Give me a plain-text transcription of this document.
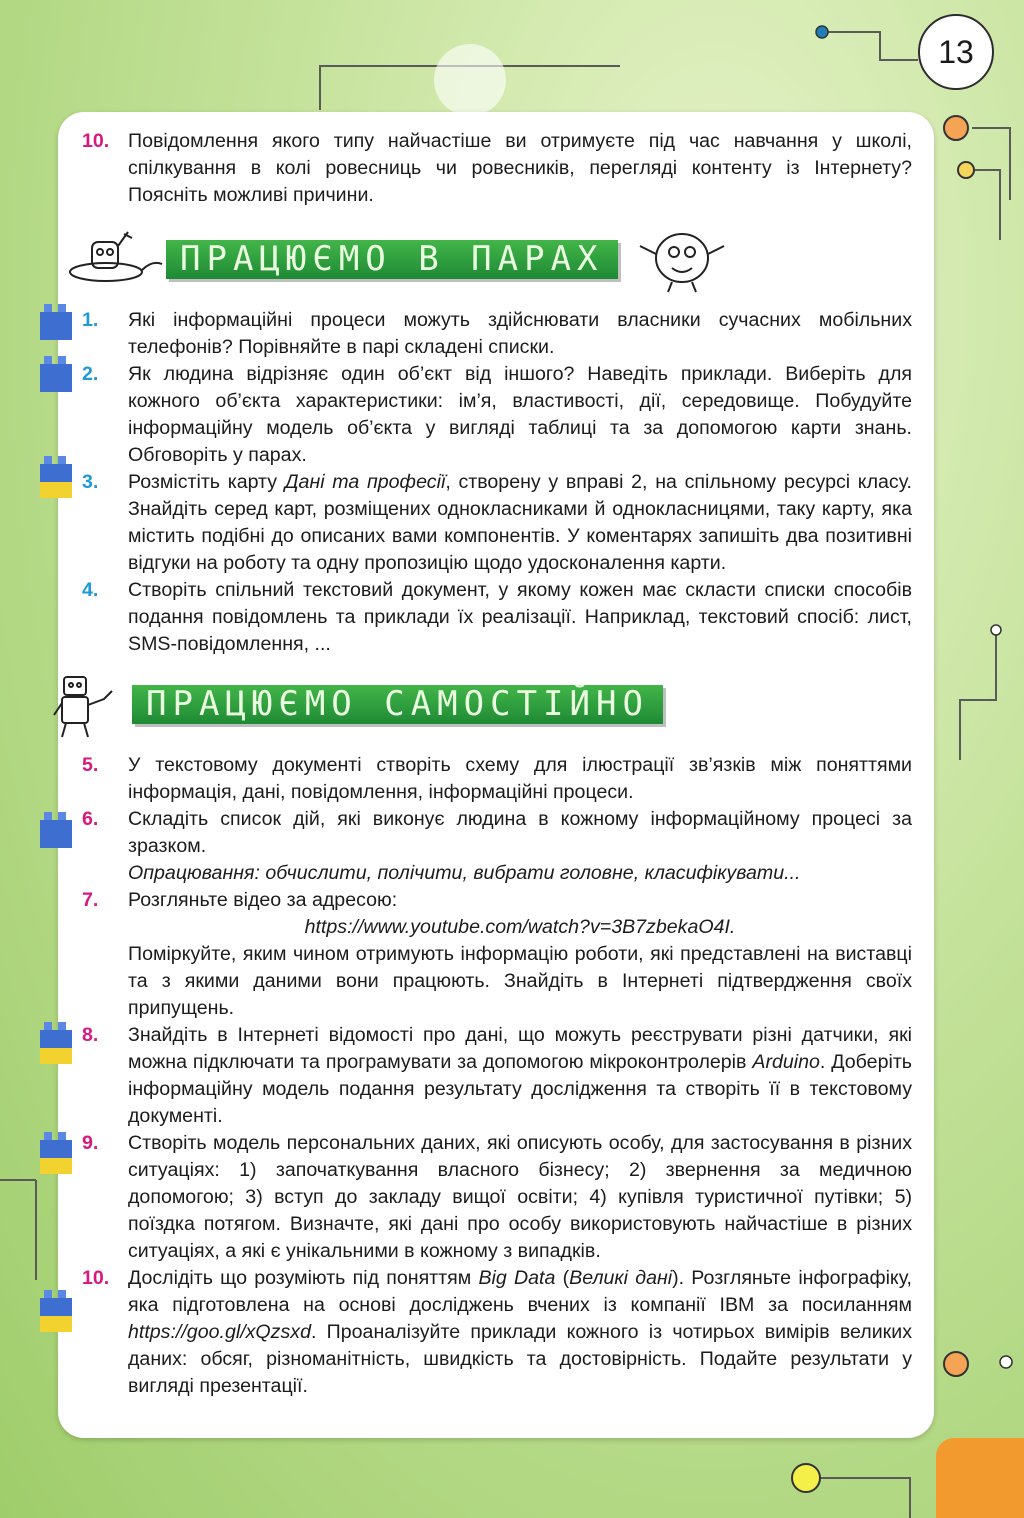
13
10. Повідомлення якого типу найчастіше ви отримуєте під час навчання у школі, спілкування в колі ровесниць чи ровесників, перегляді контенту із Інтернету? Поясніть можливі причини.
ПРАЦЮЄМО В ПАРАХ
1. Які інформаційні процеси можуть здійснювати власники сучасних мобільних телефонів? Порівняйте в парі складені списки.
2. Як людина відрізняє один об’єкт від іншого? Наведіть приклади. Виберіть для кожного об’єкта характеристики: ім’я, властивості, дії, середовище. Побудуйте інформаційну модель об’єкта у вигляді таблиці та за допомогою карти знань. Обговоріть у парах.
3. Розмістіть карту Дані та професії, створену у вправі 2, на спільному ресурсі класу. Знайдіть серед карт, розміщених однокласниками й однокласницями, таку карту, яка містить подібні до описаних вами компонентів. У коментарях запишіть два позитивні відгуки на роботу та одну пропозицію щодо удосконалення карти.
4. Створіть спільний текстовий документ, у якому кожен має скласти списки способів подання повідомлень та приклади їх реалізації. Наприклад, текстовий спосіб: лист, SMS-повідомлення, ...
ПРАЦЮЄМО САМОСТІЙНО
5. У текстовому документі створіть схему для ілюстрації зв’язків між поняттями інформація, дані, повідомлення, інформаційні процеси.
6. Складіть список дій, які виконує людина в кожному інформаційному процесі за зразком.
Опрацювання: обчислити, полічити, вибрати головне, класифікувати...
7. Розгляньте відео за адресою:
https://www.youtube.com/watch?v=3B7zbekaO4I.
Поміркуйте, яким чином отримують інформацію роботи, які представлені на виставці та з якими даними вони працюють. Знайдіть в Інтернеті підтвердження своїх припущень.
8. Знайдіть в Інтернеті відомості про дані, що можуть реєструвати різні датчики, які можна підключати та програмувати за допомогою мікроконтролерів Arduino. Доберіть інформаційну модель подання результату дослідження та створіть її в текстовому документі.
9. Створіть модель персональних даних, які описують особу, для застосування в різних ситуаціях: 1) започаткування власного бізнесу; 2) звернення за медичною допомогою; 3) вступ до закладу вищої освіти; 4) купівля туристичної путівки; 5) поїздка потягом. Визначте, які дані про особу використовують найчастіше в різних ситуаціях, а які є унікальними в кожному з випадків.
10. Дослідіть що розуміють під поняттям Big Data (Великі дані). Розгляньте інфографіку, яка підготовлена на основі досліджень вчених із компанії IBM за посиланням https://goo.gl/xQzsxd. Проаналізуйте приклади кожного із чотирьох вимірів великих даних: обсяг, різноманітність, швидкість та достовірність. Подайте результати у вигляді презентації.
